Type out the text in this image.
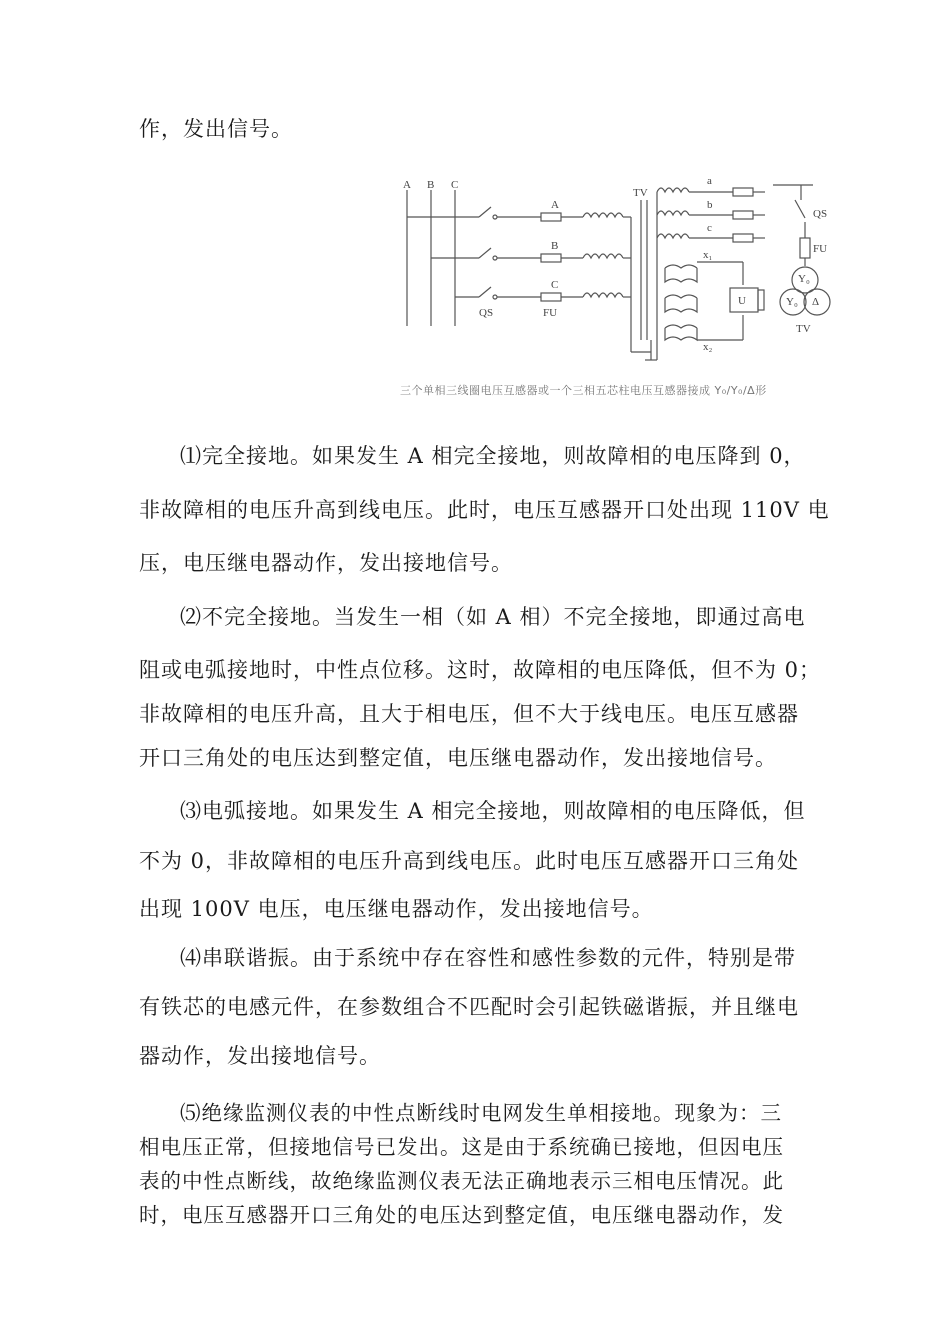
作，发出信号。
A B C
A
B
C
QS	FU
TV
a
b
c
x₁
x₂
U
QS
FU
Y₀
Y₀ Δ
TV
三个单相三线圈电压互感器或一个三相五芯柱电压互感器接成 Y₀/Y₀/Δ形
⑴完全接地。如果发生 A 相完全接地，则故障相的电压降到 0，
非故障相的电压升高到线电压。此时，电压互感器开口处出现 110V 电
压，电压继电器动作，发出接地信号。
⑵不完全接地。当发生一相（如 A 相）不完全接地，即通过高电
阻或电弧接地时，中性点位移。这时，故障相的电压降低，但不为 0；
非故障相的电压升高，且大于相电压，但不大于线电压。电压互感器
开口三角处的电压达到整定值，电压继电器动作，发出接地信号。
⑶电弧接地。如果发生 A 相完全接地，则故障相的电压降低，但
不为 0，非故障相的电压升高到线电压。此时电压互感器开口三角处
出现 100V 电压，电压继电器动作，发出接地信号。
⑷串联谐振。由于系统中存在容性和感性参数的元件，特别是带
有铁芯的电感元件，在参数组合不匹配时会引起铁磁谐振，并且继电
器动作，发出接地信号。
⑸绝缘监测仪表的中性点断线时电网发生单相接地。现象为：三
相电压正常，但接地信号已发出。这是由于系统确已接地，但因电压
表的中性点断线，故绝缘监测仪表无法正确地表示三相电压情况。此
时，电压互感器开口三角处的电压达到整定值，电压继电器动作，发
